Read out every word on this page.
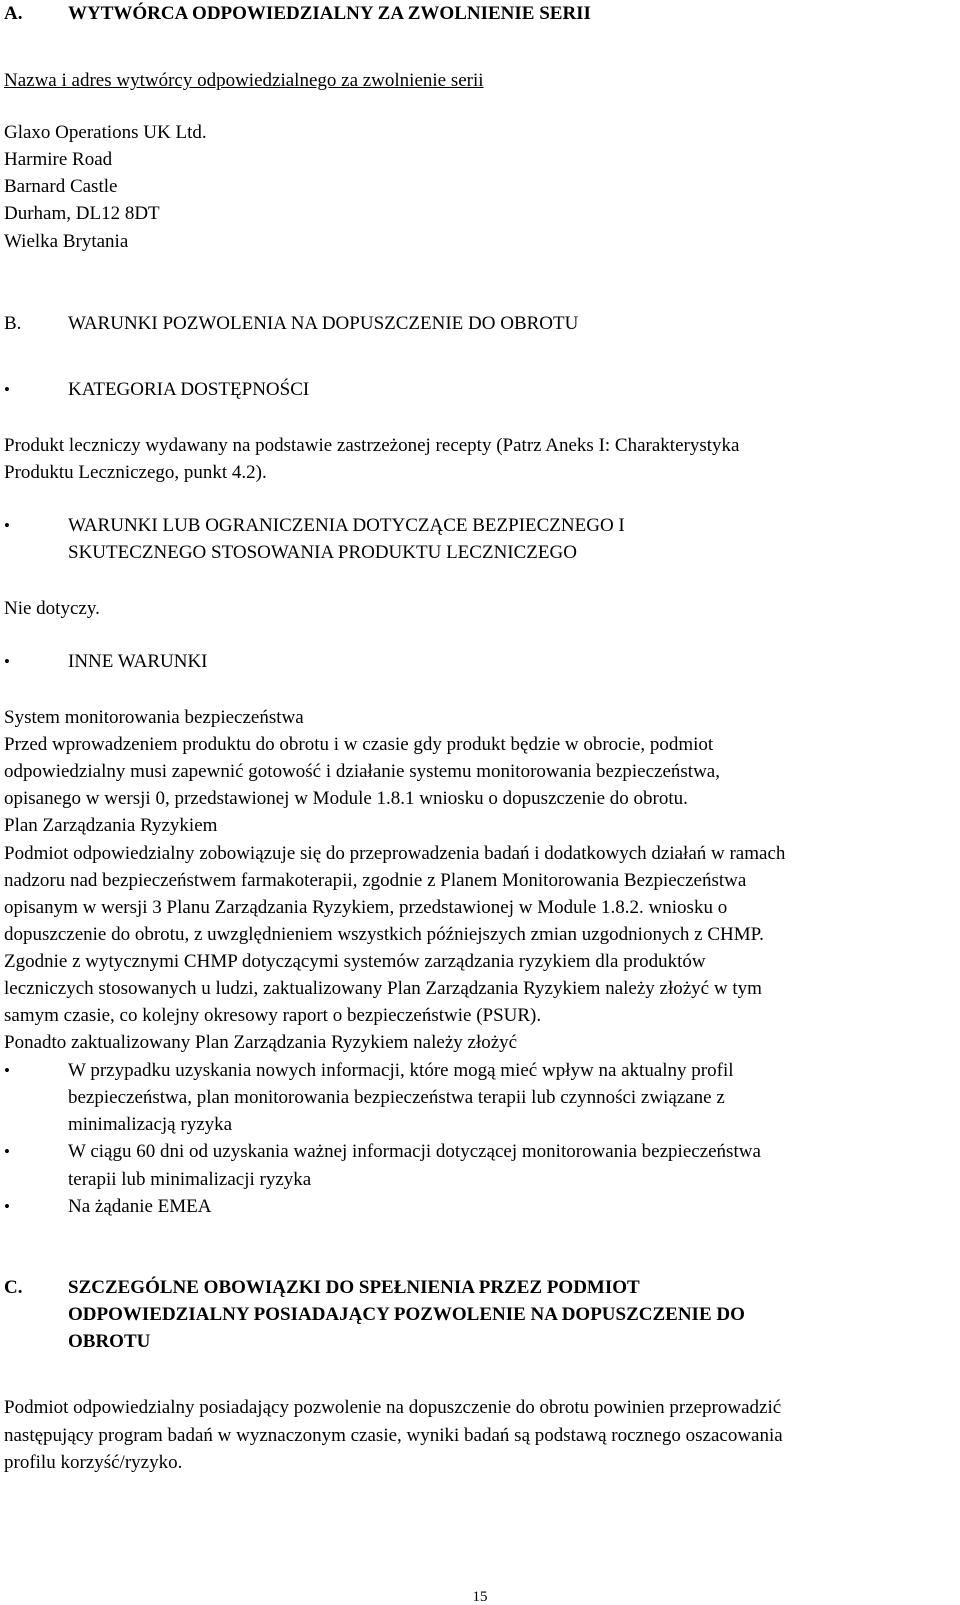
A. WYTWÓRCA ODPOWIEDZIALNY ZA ZWOLNIENIE SERII
Nazwa i adres wytwórcy odpowiedzialnego za zwolnienie serii
Glaxo Operations UK Ltd.
Harmire Road
Barnard Castle
Durham, DL12 8DT
Wielka Brytania
B. WARUNKI POZWOLENIA NA DOPUSZCZENIE DO OBROTU
•	KATEGORIA DOSTĘPNOŚCI
Produkt leczniczy wydawany na podstawie zastrzeżonej recepty (Patrz Aneks I: Charakterystyka
Produktu Leczniczego, punkt 4.2).
•	WARUNKI LUB OGRANICZENIA DOTYCZĄCE BEZPIECZNEGO I
SKUTECZNEGO STOSOWANIA PRODUKTU LECZNICZEGO
Nie dotyczy.
•	INNE WARUNKI
System monitorowania bezpieczeństwa
Przed wprowadzeniem produktu do obrotu i w czasie gdy produkt będzie w obrocie, podmiot
odpowiedzialny musi zapewnić gotowość i działanie systemu monitorowania bezpieczeństwa,
opisanego w wersji 0, przedstawionej w Module 1.8.1 wniosku o dopuszczenie do obrotu.
Plan Zarządzania Ryzykiem
Podmiot odpowiedzialny zobowiązuje się do przeprowadzenia badań i dodatkowych działań w ramach
nadzoru nad bezpieczeństwem farmakoterapii, zgodnie z Planem Monitorowania Bezpieczeństwa
opisanym w wersji 3 Planu Zarządzania Ryzykiem, przedstawionej w Module 1.8.2. wniosku o
dopuszczenie do obrotu, z uwzględnieniem wszystkich późniejszych zmian uzgodnionych z CHMP.
Zgodnie z wytycznymi CHMP dotyczącymi systemów zarządzania ryzykiem dla produktów
leczniczych stosowanych u ludzi, zaktualizowany Plan Zarządzania Ryzykiem należy złożyć w tym
samym czasie, co kolejny okresowy raport o bezpieczeństwie (PSUR).
Ponadto zaktualizowany Plan Zarządzania Ryzykiem należy złożyć
•	W przypadku uzyskania nowych informacji, które mogą mieć wpływ na aktualny profil
bezpieczeństwa, plan monitorowania bezpieczeństwa terapii lub czynności związane z
minimalizacją ryzyka
•	W ciągu 60 dni od uzyskania ważnej informacji dotyczącej monitorowania bezpieczeństwa
terapii lub minimalizacji ryzyka
•	Na żądanie EMEA
C. SZCZEGÓLNE OBOWIĄZKI DO SPEŁNIENIA PRZEZ PODMIOT
ODPOWIEDZIALNY POSIADAJĄCY POZWOLENIE NA DOPUSZCZENIE DO
OBROTU
Podmiot odpowiedzialny posiadający pozwolenie na dopuszczenie do obrotu powinien przeprowadzić
następujący program badań w wyznaczonym czasie, wyniki badań są podstawą rocznego oszacowania
profilu korzyść/ryzyko.
15
